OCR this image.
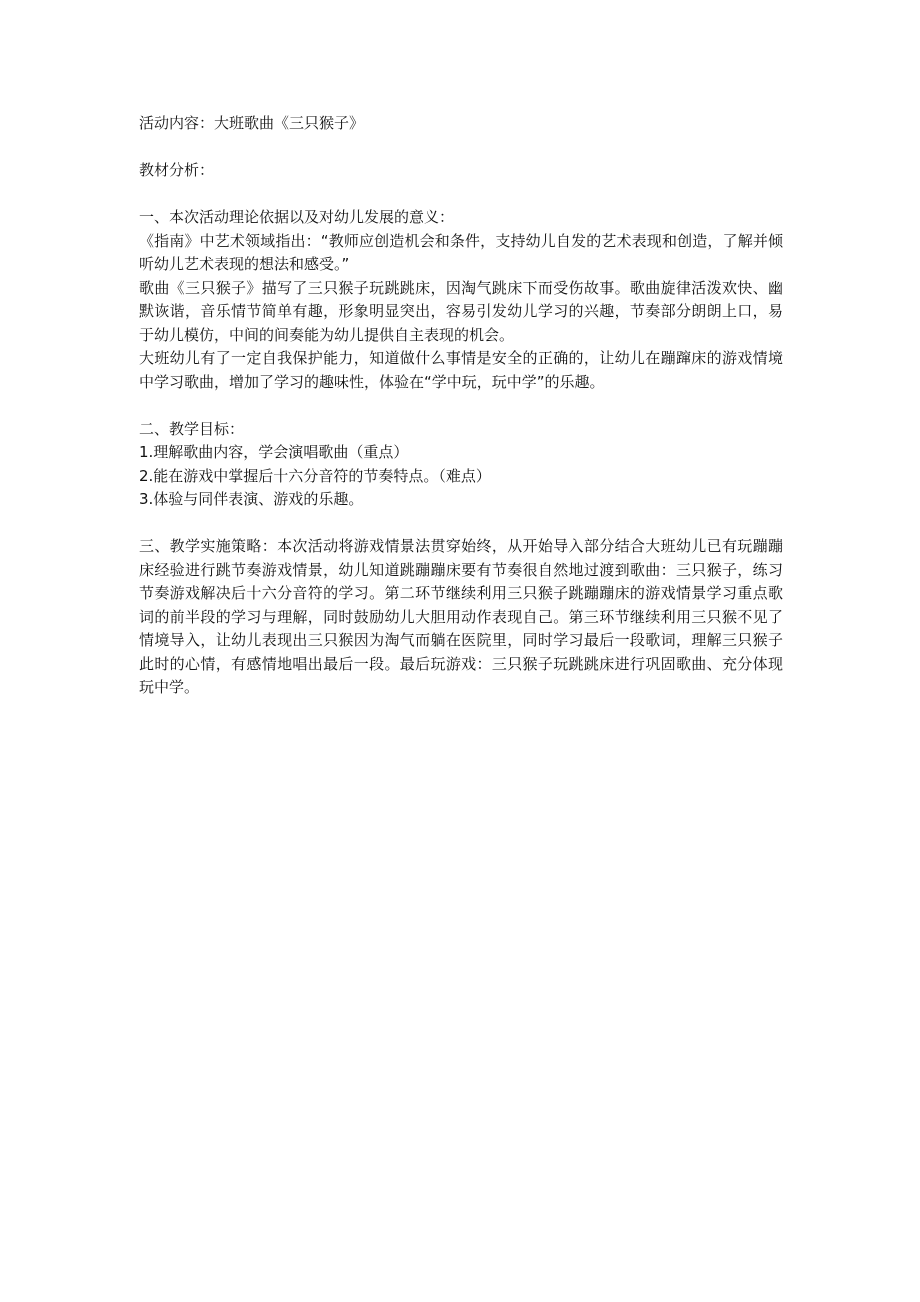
活动内容：大班歌曲《三只猴子》

教材分析：

一、本次活动理论依据以及对幼儿发展的意义：

《指南》中艺术领域指出：“教师应创造机会和条件，支持幼儿自发的艺术表现和创造，了解并倾听幼儿艺术表现的想法和感受。”

歌曲《三只猴子》描写了三只猴子玩跳跳床，因淘气跳床下而受伤故事。歌曲旋律活泼欢快、幽默诙谐，音乐情节简单有趣，形象明显突出，容易引发幼儿学习的兴趣，节奏部分朗朗上口，易于幼儿模仿，中间的间奏能为幼儿提供自主表现的机会。

大班幼儿有了一定自我保护能力，知道做什么事情是安全的正确的，让幼儿在蹦蹿床的游戏情境中学习歌曲，增加了学习的趣味性，体验在“学中玩，玩中学”的乐趣。

二、教学目标：

1.理解歌曲内容，学会演唱歌曲（重点）

2.能在游戏中掌握后十六分音符的节奏特点。（难点）

3.体验与同伴表演、游戏的乐趣。

三、教学实施策略：本次活动将游戏情景法贯穿始终，从开始导入部分结合大班幼儿已有玩蹦蹦床经验进行跳节奏游戏情景，幼儿知道跳蹦蹦床要有节奏很自然地过渡到歌曲：三只猴子，练习节奏游戏解决后十六分音符的学习。第二环节继续利用三只猴子跳蹦蹦床的游戏情景学习重点歌词的前半段的学习与理解，同时鼓励幼儿大胆用动作表现自己。第三环节继续利用三只猴不见了情境导入，让幼儿表现出三只猴因为淘气而躺在医院里，同时学习最后一段歌词，理解三只猴子此时的心情，有感情地唱出最后一段。最后玩游戏：三只猴子玩跳跳床进行巩固歌曲、充分体现玩中学。
